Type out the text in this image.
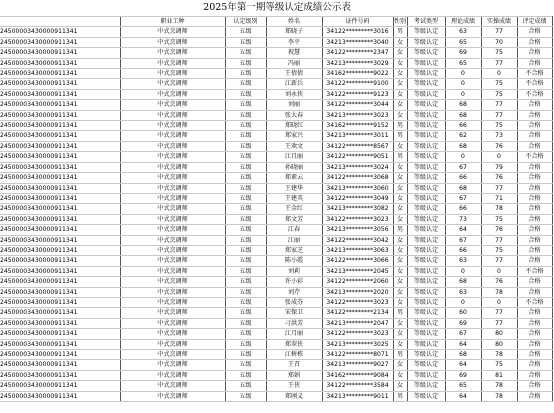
2025年第一期等级认定成绩公示表
	职业工种	认定级别	姓名	证件号码	性别	考试类型	理论成绩	实操成绩	评定成绩
24500003430000911341	中式烹调师	五级	郑晓子	34122*********3016	男	等级认定	63	77	合格
24500003430000911341	中式烹调师	五级	李平	34213*********3040	女	等级认定	65	70	合格
24500003430000911341	中式烹调师	五级	祝慧	34122*********2347	女	等级认定	69	75	合格
24500003430000911341	中式烹调师	五级	冯丽	34213*********3029	女	等级认定	65	77	合格
24500003430000911341	中式烹调师	五级	王倩倩	34162*********9022	女	等级认定	0	0	不合格
24500003430000911341	中式烹调师	五级	江新兵	34122*********9100	女	等级认定	0	75	不合格
24500003430000911341	中式烹调师	五级	刘永侠	34122*********9123	女	等级认定	0	75	不合格
24500003430000911341	中式烹调师	五级	刘丽	34122*********3044	女	等级认定	68	77	合格
24500003430000911341	中式烹调师	五级	张大春	34213*********3023	女	等级认定	68	77	合格
24500003430000911341	中式烹调师	五级	郑晓红	34162*********9152	男	等级认定	66	75	合格
24500003430000911341	中式烹调师	五级	郑家兴	34213*********3011	男	等级认定	62	73	合格
24500003430000911341	中式烹调师	五级	王欢文	34122*********8567	女	等级认定	68	76	合格
24500003430000911341	中式烹调师	五级	江且丽	34122*********9051	男	等级认定	0	0	不合格
24500003430000911341	中式烹调师	五级	孙晓丽	34213*********3024	女	等级认定	67	79	合格
24500003430000911341	中式烹调师	五级	郑素云	34122*********3068	女	等级认定	66	76	合格
24500003430000911341	中式烹调师	五级	王建华	34213*********3060	女	等级认定	68	77	合格
24500003430000911341	中式烹调师	五级	王建英	34122*********3049	女	等级认定	67	71	合格
24500003430000911341	中式烹调师	五级	王金红	34213*********3082	女	等级认定	66	78	合格
24500003430000911341	中式烹调师	五级	郑文芳	34122*********3023	女	等级认定	73	75	合格
24500003430000911341	中式烹调师	五级	江春	34213*********3056	男	等级认定	64	76	合格
24500003430000911341	中式烹调师	五级	江丽	34122*********3042	女	等级认定	67	77	合格
24500003430000911341	中式烹调师	五级	郑家芝	34213*********3063	女	等级认定	66	75	合格
24500003430000911341	中式烹调师	五级	陈小霞	34122*********3066	女	等级认定	63	77	合格
24500003430000911341	中式烹调师	五级	刘莉	34213*********2045	女	等级认定	0	0	不合格
24500003430000911341	中式烹调师	五级	许小彩	34122*********2060	女	等级认定	68	76	合格
24500003430000911341	中式烹调师	五级	刘芹	34213*********2020	女	等级认定	63	78	合格
24500003430000911341	中式烹调师	五级	张成芬	34122*********3023	女	等级认定	0	0	不合格
24500003430000911341	中式烹调师	五级	宋保卫	34122*********2134	男	等级认定	60	77	合格
24500003430000911341	中式烹调师	五级	刁洪芳	34213*********2047	女	等级认定	69	77	合格
24500003430000911341	中式烹调师	五级	江月丽	34122*********3023	女	等级认定	67	80	合格
24500003430000911341	中式烹调师	五级	郑翠侠	34213*********3025	女	等级认定	64	80	合格
24500003430000911341	中式烹调师	五级	江树栋	34122*********8071	男	等级认定	68	78	合格
24500003430000911341	中式烹调师	五级	王召	34213*********9027	女	等级认定	64	75	合格
24500003430000911341	中式烹调师	五级	郑娟	34162*********9084	女	等级认定	69	81	合格
24500003430000911341	中式烹调师	五级	王侠	34122*********3584	女	等级认定	65	78	合格
24500003430000911341	中式烹调师	五级	郑刚义	34213*********9011	男	等级认定	64	78	合格
